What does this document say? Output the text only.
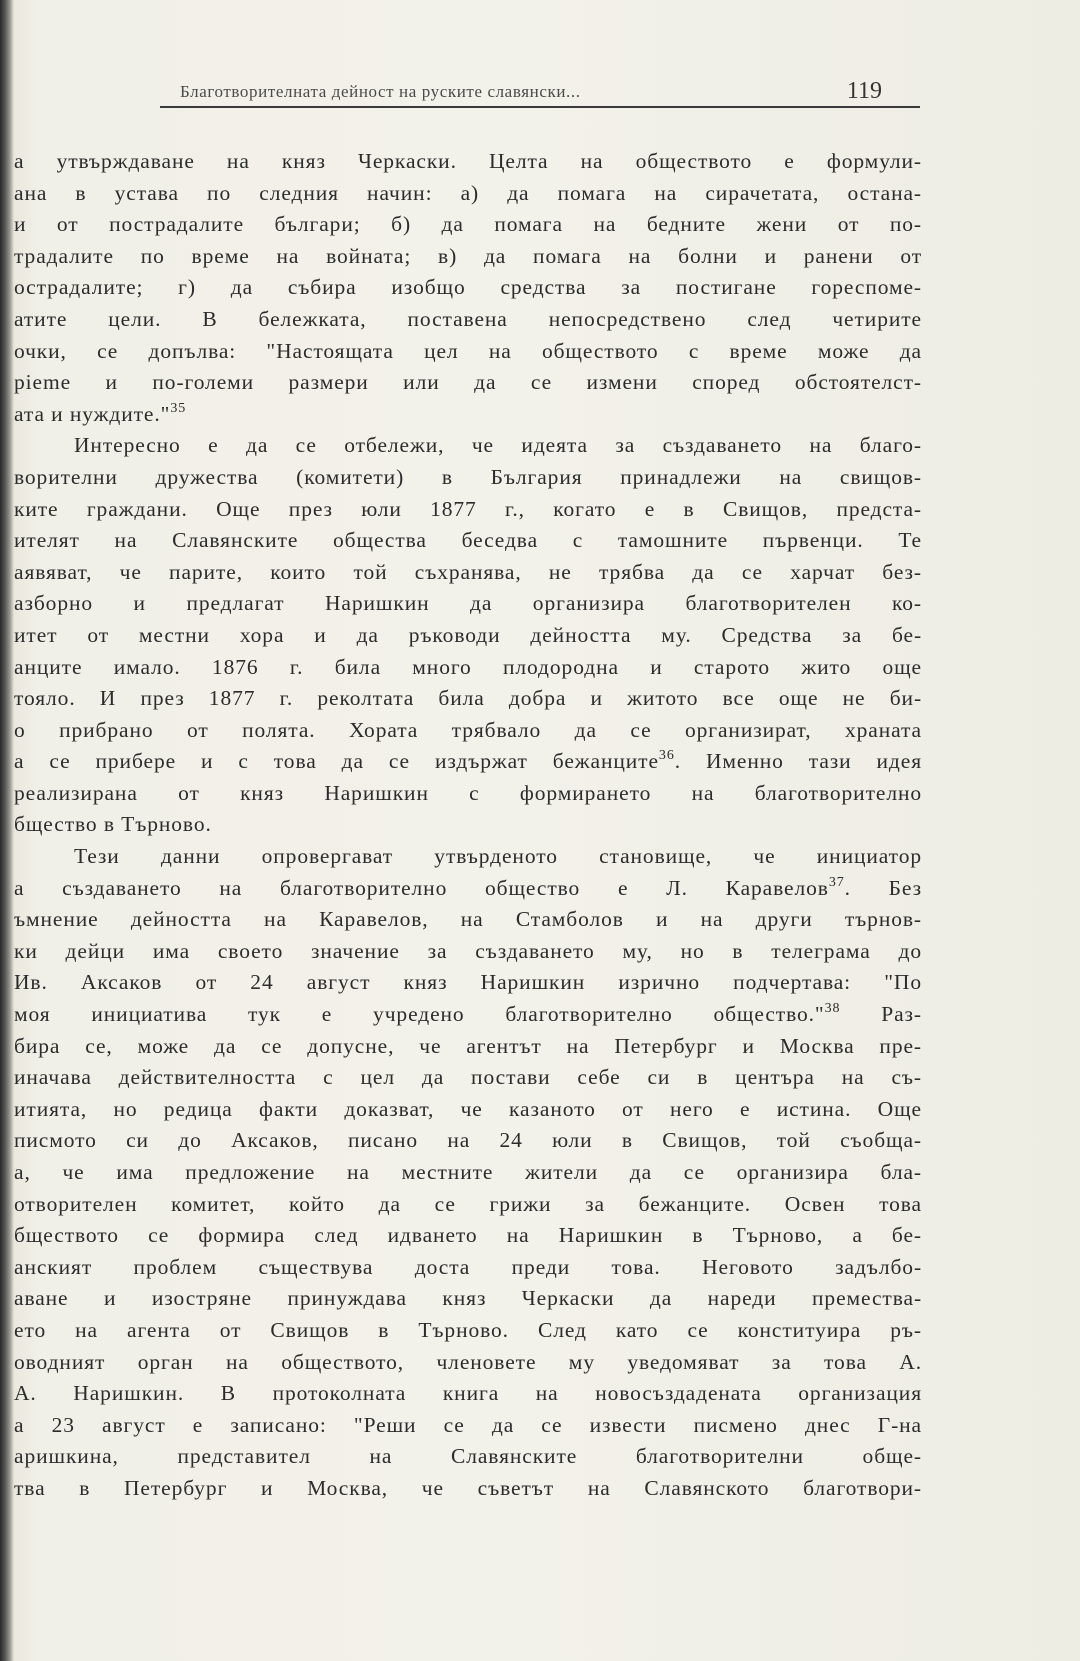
Благотворителната дейност на руските славянски...	119
а утвърждаване на княз Черкаски. Целта на обществото е формули-
ана в устава по следния начин: а) да помага на сирачетата, остана-
и от пострадалите българи; б) да помага на бедните жени от по-
традалите по време на войната; в) да помага на болни и ранени от
острадалите; г) да събира изобщо средства за постигане гореспоме-
атите цели. В бележката, поставена непосредствено след четирите
очки, се допълва: "Настоящата цел на обществото с време може да
рieme и по-големи размери или да се измени според обстоятелст-
ата и нуждите."$^{35}$
Интересно е да се отбележи, че идеята за създаването на благо-
ворителни дружества (комитети) в България принадлежи на свищов-
ките граждани. Още през юли 1877 г., когато е в Свищов, предста-
ителят на Славянските общества беседва с тамошните първенци. Те
аявяват, че парите, които той съхранява, не трябва да се харчат без-
азборно и предлагат Наришкин да организира благотворителен ко-
итет от местни хора и да ръководи дейността му. Средства за бе-
анците имало. 1876 г. била много плодородна и старото жито още
тояло. И през 1877 г. реколтата била добра и житото все още не би-
о прибрано от полята. Хората трябвало да се организират, храната
а се прибере и с това да се издържат бежанците$^{36}$. Именно тази идея
реализирана от княз Наришкин с формирането на благотворително
бщество в Търново.
Тези данни опровергават утвърденото становище, че инициатор
а създаването на благотворително общество е Л. Каравелов$^{37}$. Без
ъмнение дейността на Каравелов, на Стамболов и на други търнов-
ки дейци има своето значение за създаването му, но в телеграма до
Ив. Аксаков от 24 август княз Наришкин изрично подчертава: "По
моя инициатива тук е учредено благотворително общество."$^{38}$ Раз-
бира се, може да се допусне, че агентът на Петербург и Москва пре-
иначава действителността с цел да постави себе си в центъра на съ-
итията, но редица факти доказват, че казаното от него е истина. Още
писмото си до Аксаков, писано на 24 юли в Свищов, той съобща-
а, че има предложение на местните жители да се организира бла-
отворителен комитет, който да се грижи за бежанците. Освен това
бществото се формира след идването на Наришкин в Търново, а бе-
анският проблем съществува доста преди това. Неговото задълбо-
аване и изостряне принуждава княз Черкаски да нареди премества-
ето на агента от Свищов в Търново. След като се конституира ръ-
оводният орган на обществото, членовете му уведомяват за това А.
А. Наришкин. В протоколната книга на новосъздадената организация
а 23 август е записано: "Реши се да се извести писмено днес Г-на
аришкина, представител на Славянските благотворителни обще-
тва в Петербург и Москва, че съветът на Славянското благотвори-
